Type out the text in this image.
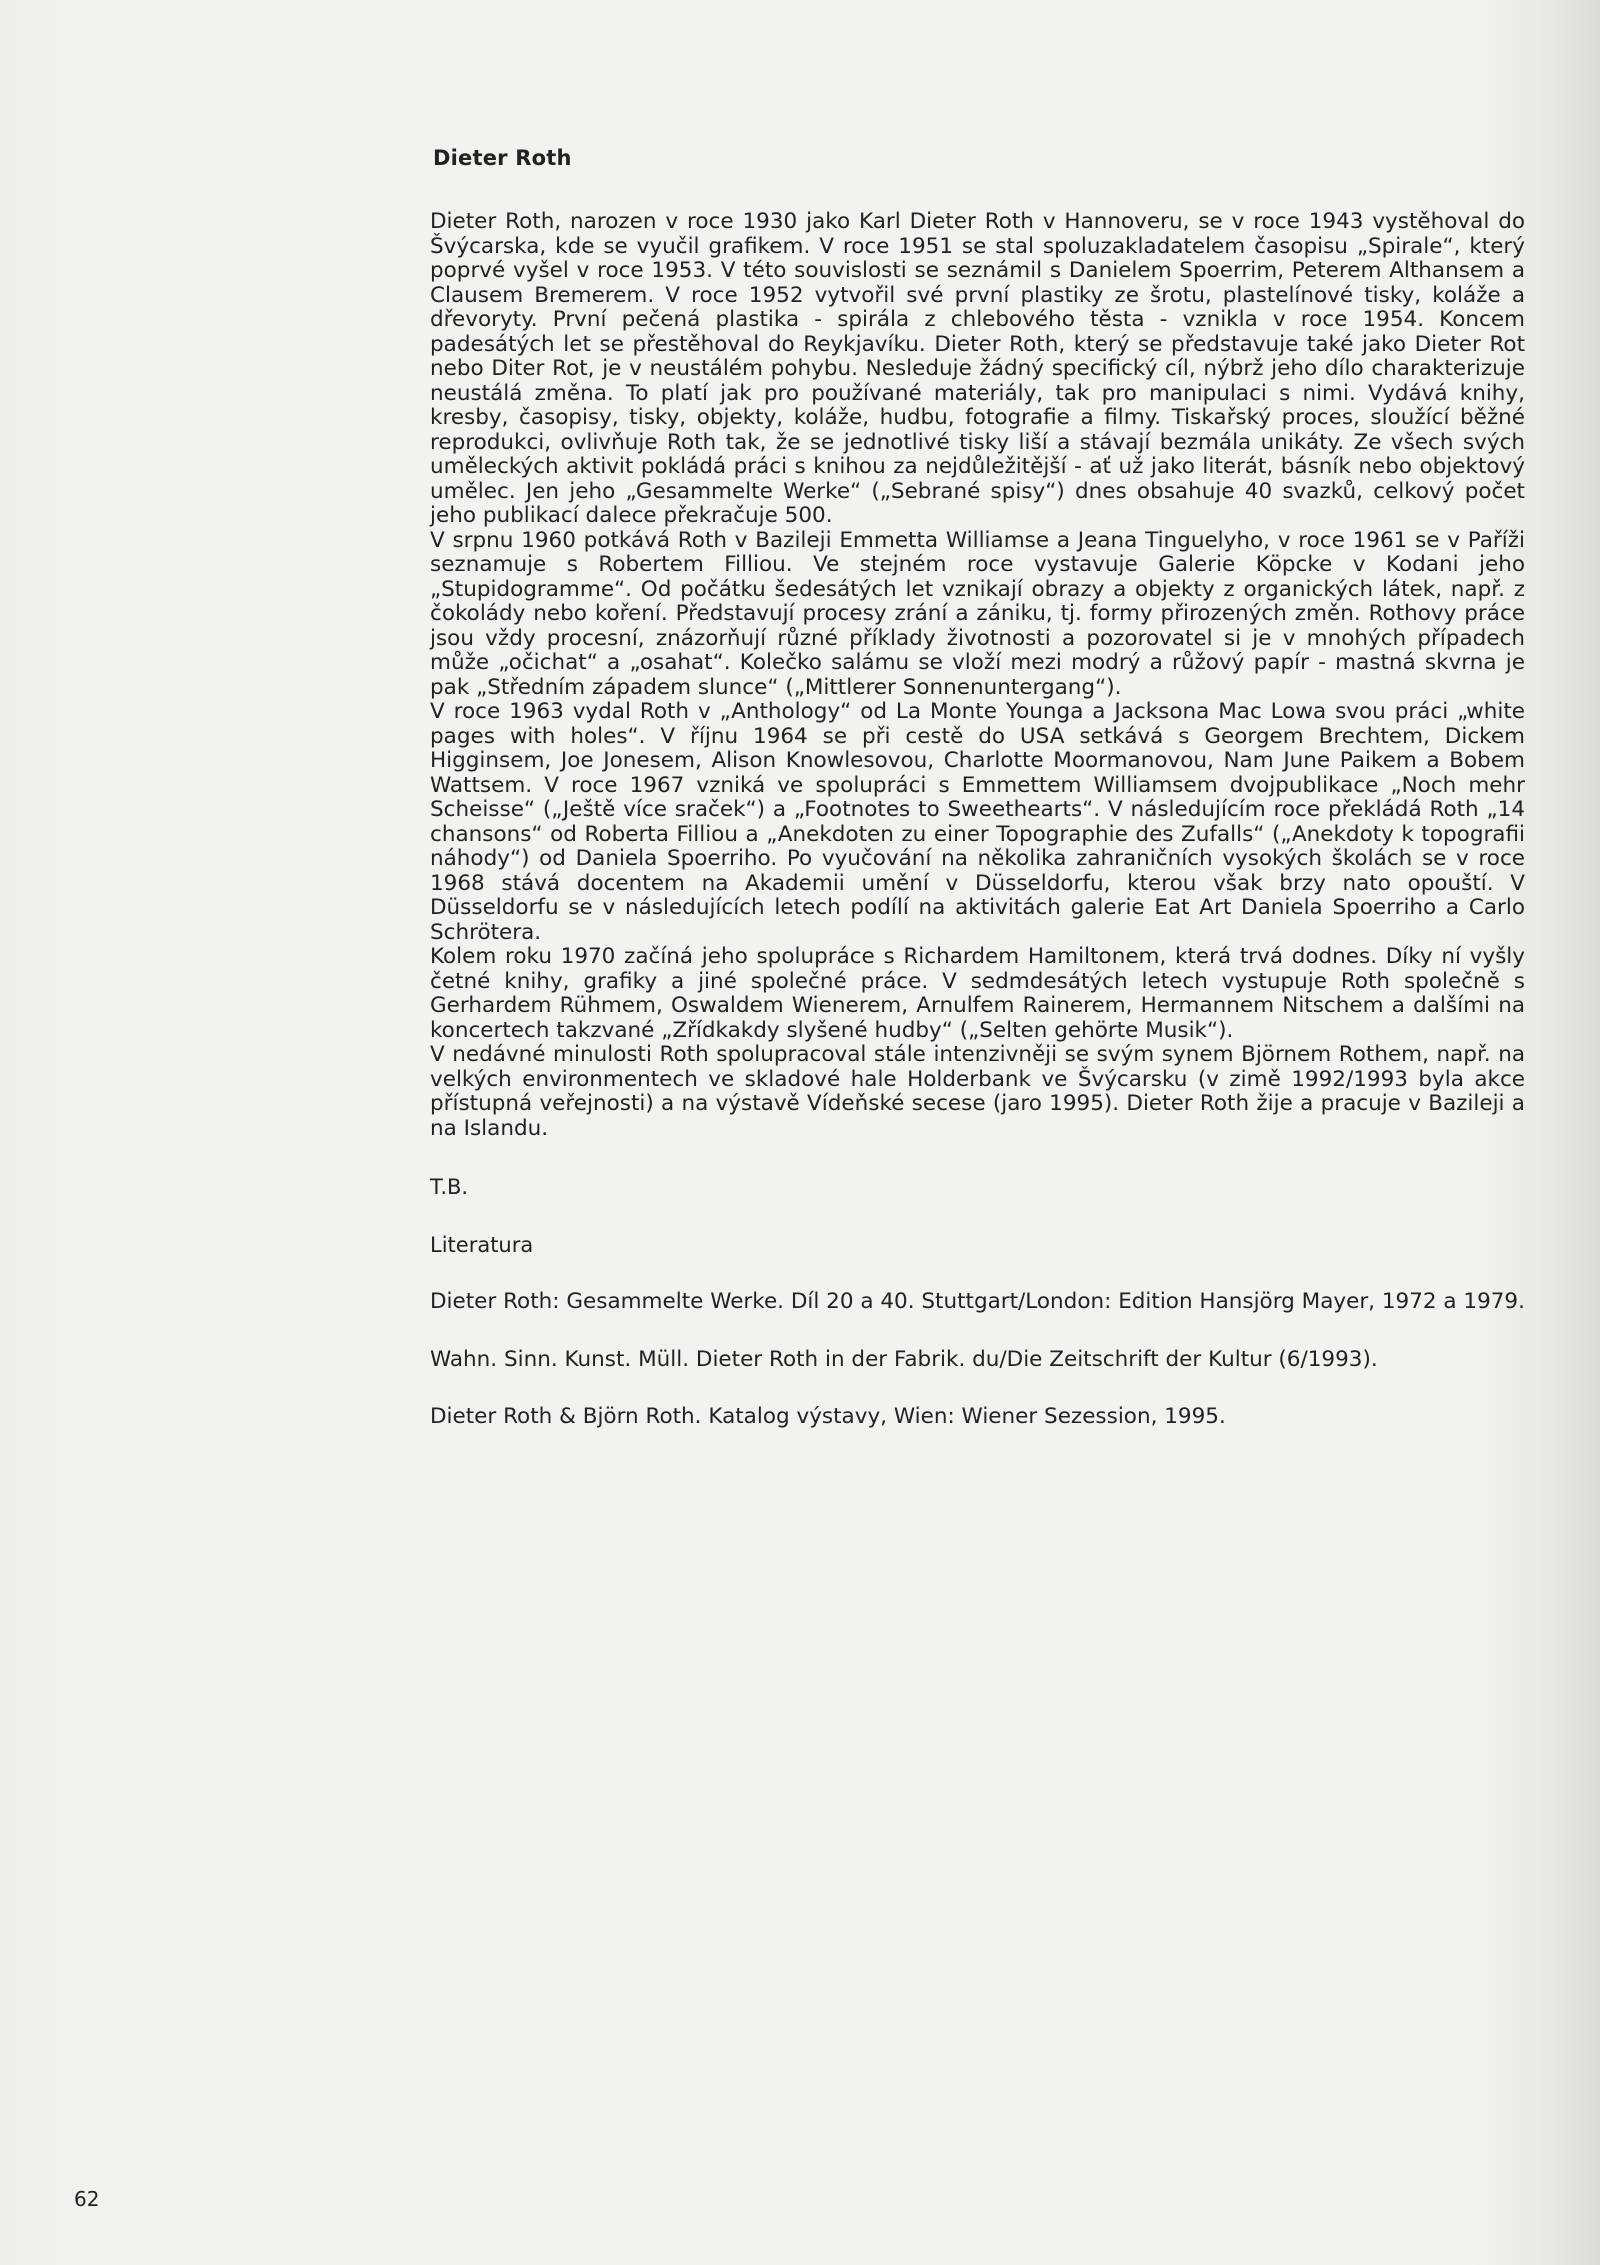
Dieter Roth

Dieter Roth, narozen v roce 1930 jako Karl Dieter Roth v Hannoveru, se v roce 1943 vystěhoval do Švýcarska, kde se vyučil grafikem. V roce 1951 se stal spoluzakladatelem časopisu „Spirale“, který poprvé vyšel v roce 1953. V této souvislosti se seznámil s Danielem Spoerrim, Peterem Althansem a Clausem Bremerem. V roce 1952 vytvořil své první plastiky ze šrotu, plastelínové tisky, koláže a dřevoryty. První pečená plastika - spirála z chlebového těsta - vznikla v roce 1954. Koncem padesátých let se přestěhoval do Reykjavíku. Dieter Roth, který se představuje také jako Dieter Rot nebo Diter Rot, je v neustálém pohybu. Nesleduje žádný specifický cíl, nýbrž jeho dílo charakterizuje neustálá změna. To platí jak pro používané materiály, tak pro manipulaci s nimi. Vydává knihy, kresby, časopisy, tisky, objekty, koláže, hudbu, fotografie a filmy. Tiskařský proces, sloužící běžné reprodukci, ovlivňuje Roth tak, že se jednotlivé tisky liší a stávají bezmála unikáty. Ze všech svých uměleckých aktivit pokládá práci s knihou za nejdůležitější - ať už jako literát, básník nebo objektový umělec. Jen jeho „Gesammelte Werke“ („Sebrané spisy“) dnes obsahuje 40 svazků, celkový počet jeho publikací dalece překračuje 500.

V srpnu 1960 potkává Roth v Bazileji Emmetta Williamse a Jeana Tinguelyho, v roce 1961 se v Paříži seznamuje s Robertem Filliou. Ve stejném roce vystavuje Galerie Köpcke v Kodani jeho „Stupidogramme“. Od počátku šedesátých let vznikají obrazy a objekty z organických látek, např. z čokolády nebo koření. Představují procesy zrání a zániku, tj. formy přirozených změn. Rothovy práce jsou vždy procesní, znázorňují různé příklady životnosti a pozorovatel si je v mnohých případech může „očichat“ a „osahat“. Kolečko salámu se vloží mezi modrý a růžový papír - mastná skvrna je pak „Středním západem slunce“ („Mittlerer Sonnenuntergang“).

V roce 1963 vydal Roth v „Anthology“ od La Monte Younga a Jacksona Mac Lowa svou práci „white pages with holes“. V říjnu 1964 se při cestě do USA setkává s Georgem Brechtem, Dickem Higginsem, Joe Jonesem, Alison Knowlesovou, Charlotte Moormanovou, Nam June Paikem a Bobem Wattsem. V roce 1967 vzniká ve spolupráci s Emmettem Williamsem dvojpublikace „Noch mehr Scheisse“ („Ještě více sraček“) a „Footnotes to Sweethearts“. V následujícím roce překládá Roth „14 chansons“ od Roberta Filliou a „Anekdoten zu einer Topographie des Zufalls“ („Anekdoty k topografii náhody“) od Daniela Spoerriho. Po vyučování na několika zahraničních vysokých školách se v roce 1968 stává docentem na Akademii umění v Düsseldorfu, kterou však brzy nato opouští. V Düsseldorfu se v následujících letech podílí na aktivitách galerie Eat Art Daniela Spoerriho a Carlo Schrötera.

Kolem roku 1970 začíná jeho spolupráce s Richardem Hamiltonem, která trvá dodnes. Díky ní vyšly četné knihy, grafiky a jiné společné práce. V sedmdesátých letech vystupuje Roth společně s Gerhardem Rühmem, Oswaldem Wienerem, Arnulfem Rainerem, Hermannem Nitschem a dalšími na koncertech takzvané „Zřídkakdy slyšené hudby“ („Selten gehörte Musik“).

V nedávné minulosti Roth spolupracoval stále intenzivněji se svým synem Björnem Rothem, např. na velkých environmentech ve skladové hale Holderbank ve Švýcarsku (v zimě 1992/1993 byla akce přístupná veřejnosti) a na výstavě Vídeňské secese (jaro 1995). Dieter Roth žije a pracuje v Bazileji a na Islandu.

T.B.
Literatura

Dieter Roth: Gesammelte Werke. Díl 20 a 40. Stuttgart/London: Edition Hansjörg Mayer, 1972 a 1979.

Wahn. Sinn. Kunst. Müll. Dieter Roth in der Fabrik. du/Die Zeitschrift der Kultur (6/1993).

Dieter Roth & Björn Roth. Katalog výstavy, Wien: Wiener Sezession, 1995.

62
